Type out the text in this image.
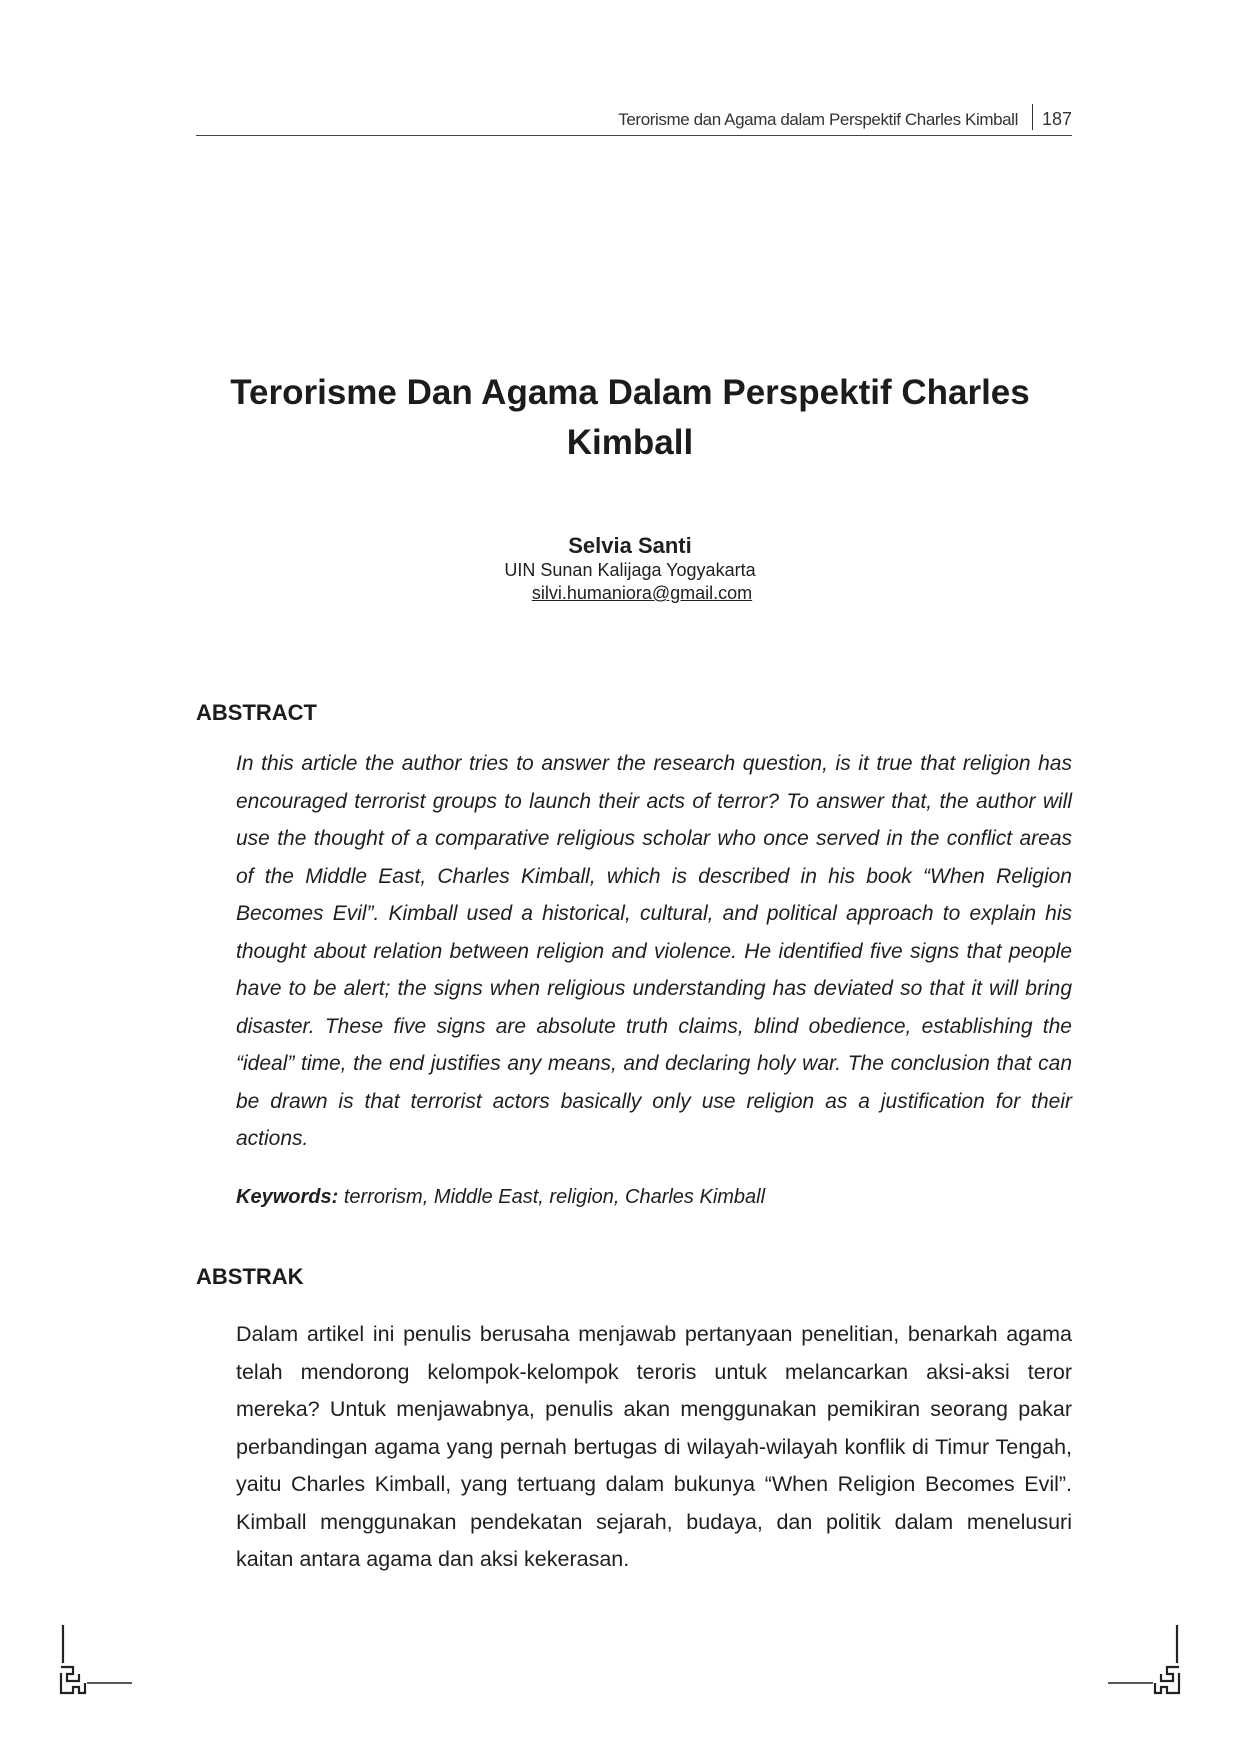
Terorisme dan Agama dalam Perspektif Charles Kimball 187
Terorisme Dan Agama Dalam Perspektif Charles Kimball
Selvia Santi
UIN Sunan Kalijaga Yogyakarta
silvi.humaniora@gmail.com
ABSTRACT

In this article the author tries to answer the research question, is it true that religion has encouraged terrorist groups to launch their acts of terror? To answer that, the author will use the thought of a comparative religious scholar who once served in the conflict areas of the Middle East, Charles Kimball, which is described in his book “When Religion Becomes Evil”. Kimball used a historical, cultural, and political approach to explain his thought about relation between religion and violence. He identified five signs that people have to be alert; the signs when religious understanding has deviated so that it will bring disaster. These five signs are absolute truth claims, blind obedience, establishing the “ideal” time, the end justifies any means, and declaring holy war. The conclusion that can be drawn is that terrorist actors basically only use religion as a justification for their actions.

Keywords: terrorism, Middle East, religion, Charles Kimball

ABSTRAK

Dalam artikel ini penulis berusaha menjawab pertanyaan penelitian, benarkah agama telah mendorong kelompok-kelompok teroris untuk melancarkan aksi-aksi teror mereka? Untuk menjawabnya, penulis akan menggunakan pemikiran seorang pakar perbandingan agama yang pernah bertugas di wilayah-wilayah konflik di Timur Tengah, yaitu Charles Kimball, yang tertuang dalam bukunya “When Religion Becomes Evil”. Kimball menggunakan pendekatan sejarah, budaya, dan politik dalam menelusuri kaitan antara agama dan aksi kekerasan.
